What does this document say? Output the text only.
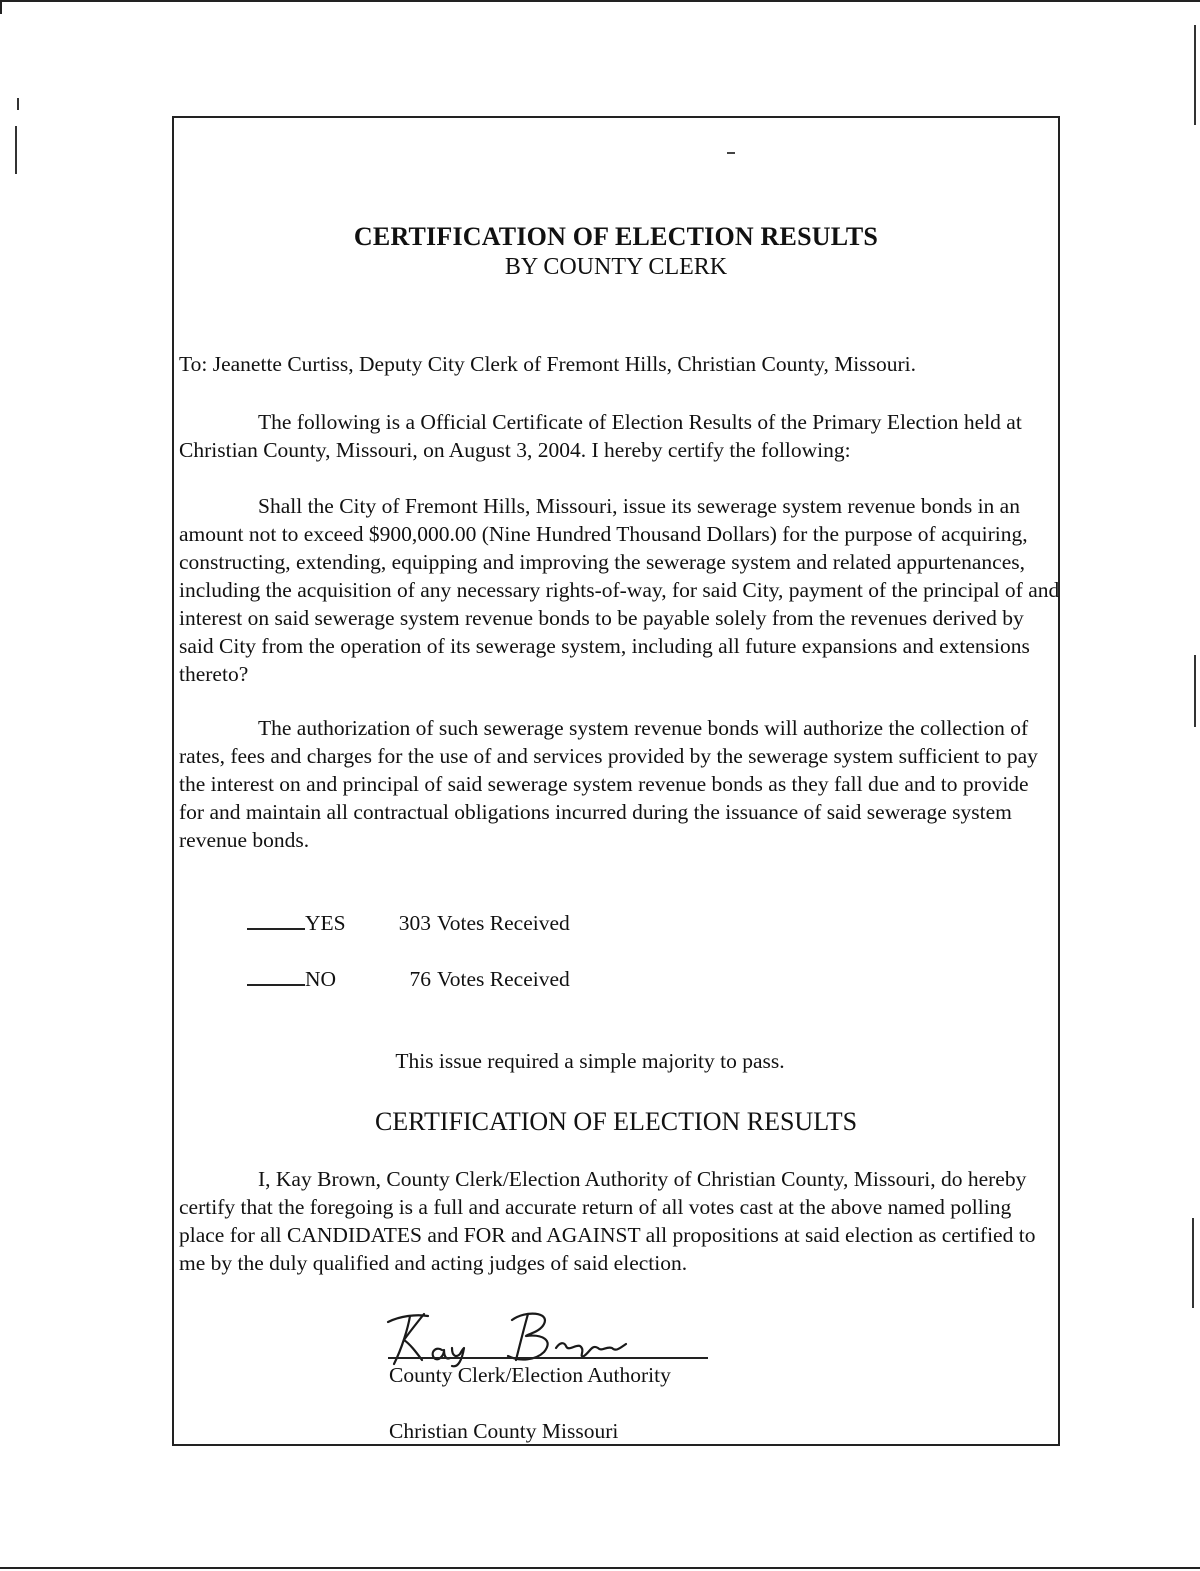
CERTIFICATION OF ELECTION RESULTS
BY COUNTY CLERK
To: Jeanette Curtiss, Deputy City Clerk of Fremont Hills, Christian County, Missouri.
The following is a Official Certificate of Election Results of the Primary Election held at Christian County, Missouri, on August 3, 2004. I hereby certify the following:
Shall the City of Fremont Hills, Missouri, issue its sewerage system revenue bonds in an amount not to exceed $900,000.00 (Nine Hundred Thousand Dollars) for the purpose of acquiring, constructing, extending, equipping and improving the sewerage system and related appurtenances, including the acquisition of any necessary rights-of-way, for said City, payment of the principal of and interest on said sewerage system revenue bonds to be payable solely from the revenues derived by said City from the operation of its sewerage system, including all future expansions and extensions thereto?
The authorization of such sewerage system revenue bonds will authorize the collection of rates, fees and charges for the use of and services provided by the sewerage system sufficient to pay the interest on and principal of said sewerage system revenue bonds as they fall due and to provide for and maintain all contractual obligations incurred during the issuance of said sewerage system revenue bonds.
YES 303 Votes Received
NO	76 Votes Received
This issue required a simple majority to pass.
CERTIFICATION OF ELECTION RESULTS
I, Kay Brown, County Clerk/Election Authority of Christian County, Missouri, do hereby certify that the foregoing is a full and accurate return of all votes cast at the above named polling place for all CANDIDATES and FOR and AGAINST all propositions at said election as certified to me by the duly qualified and acting judges of said election.
County Clerk/Election Authority
Christian County Missouri
